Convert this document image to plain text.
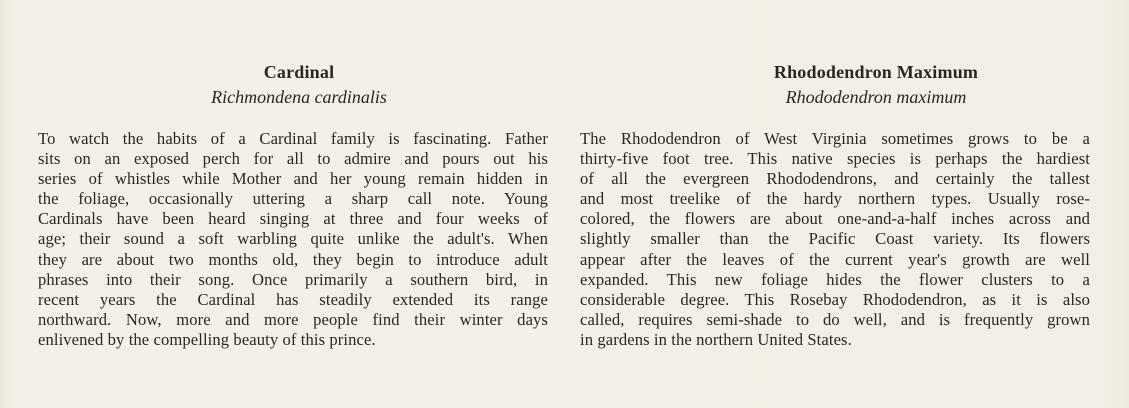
Cardinal

Richmondena cardinalis

To watch the habits of a Cardinal family is fascinating. Father
sits on an exposed perch for all to admire and pours out his
series of whistles while Mother and her young remain hidden in
the foliage, occasionally uttering a sharp call note. Young
Cardinals have been heard singing at three and four weeks of
age; their sound a soft warbling quite unlike the adult's. When
they are about two months old, they begin to introduce adult
phrases into their song. Once primarily a southern bird, in
recent years the Cardinal has steadily extended its range
northward. Now, more and more people find their winter days
enlivened by the compelling beauty of this prince.
Rhododendron Maximum

Rhododendron maximum

The Rhododendron of West Virginia sometimes grows to be a
thirty-five foot tree. This native species is perhaps the hardiest
of all the evergreen Rhododendrons, and certainly the tallest
and most treelike of the hardy northern types. Usually rose-
colored, the flowers are about one-and-a-half inches across and
slightly smaller than the Pacific Coast variety. Its flowers
appear after the leaves of the current year's growth are well
expanded. This new foliage hides the flower clusters to a
considerable degree. This Rosebay Rhododendron, as it is also
called, requires semi-shade to do well, and is frequently grown
in gardens in the northern United States.
